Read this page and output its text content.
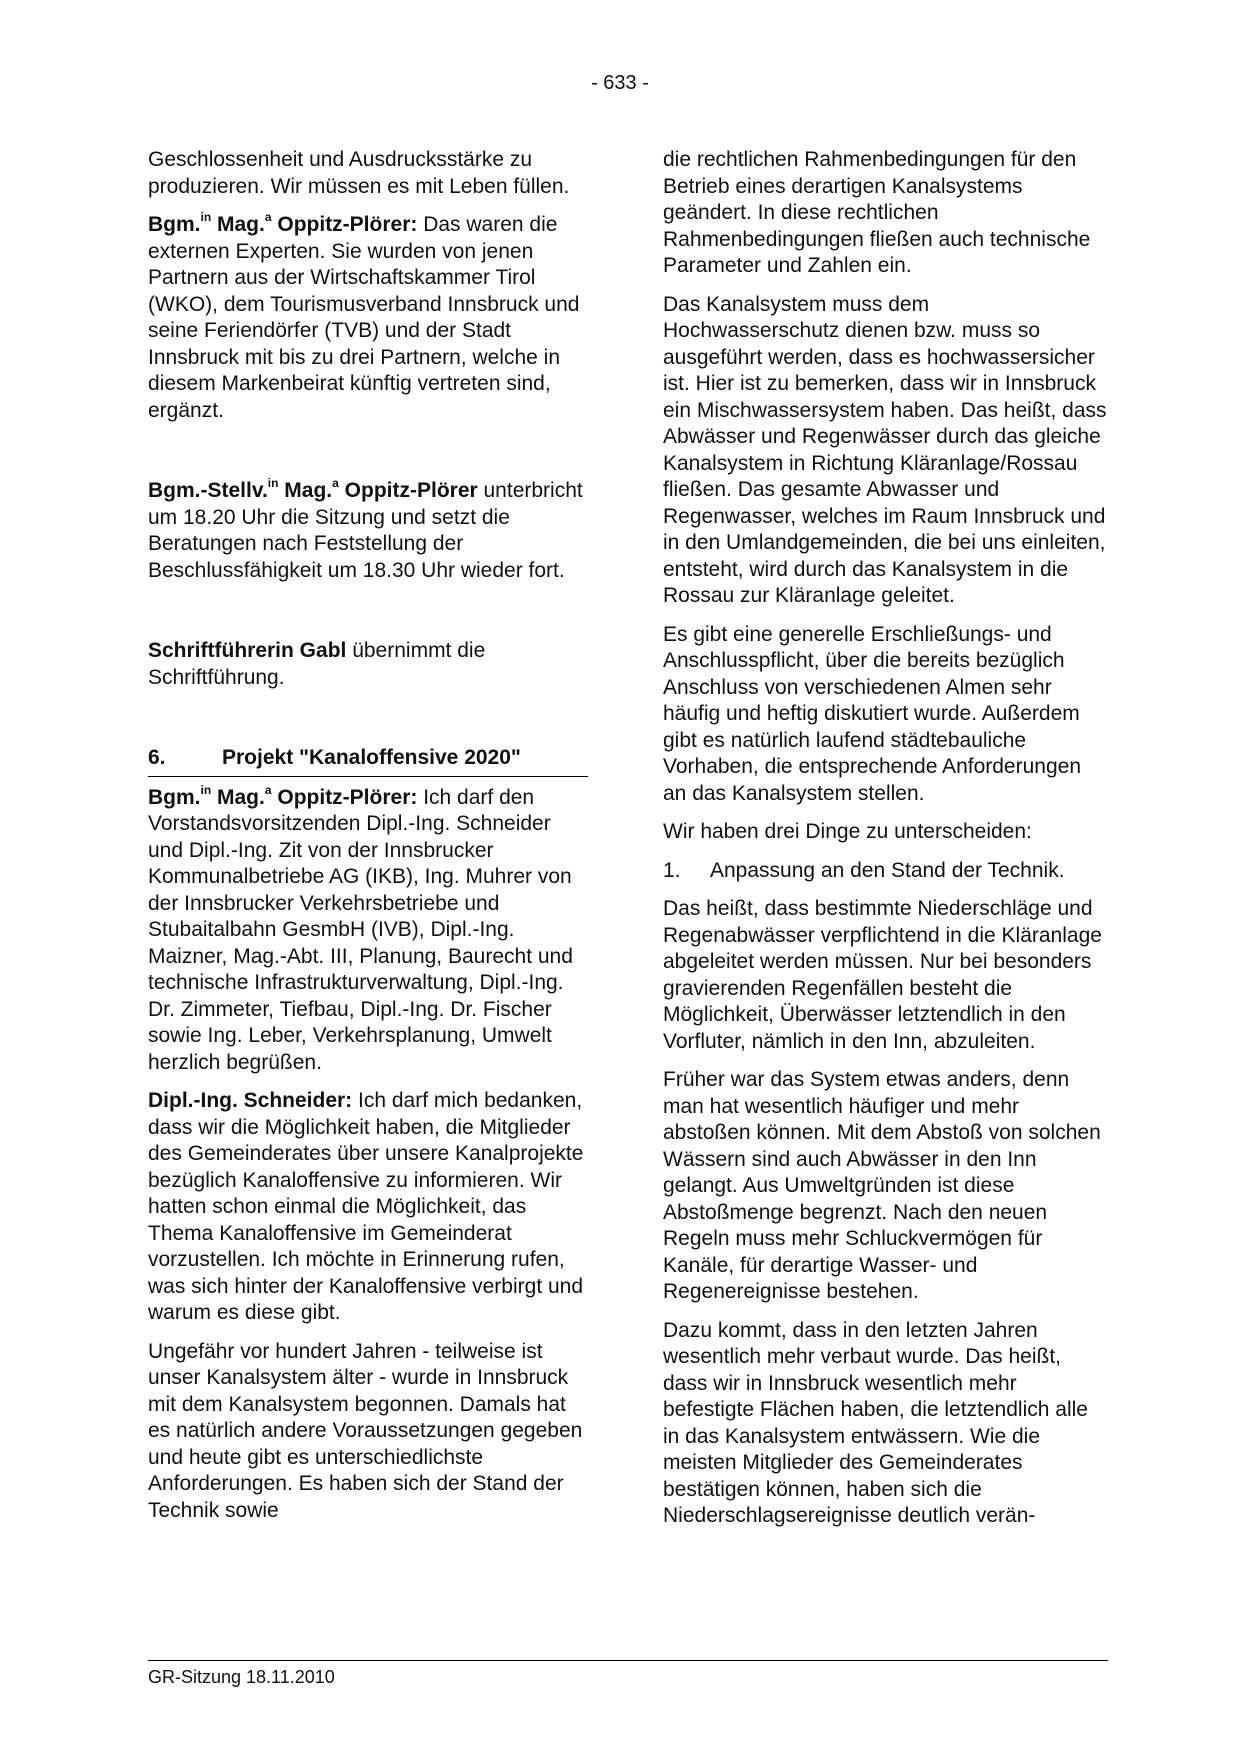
- 633 -

Geschlossenheit und Ausdrucksstärke zu produzieren. Wir müssen es mit Leben füllen.

Bgm.$^{in}$ Mag.$^a$ Oppitz-Plörer: Das waren die externen Experten. Sie wurden von jenen Partnern aus der Wirtschaftskammer Tirol (WKO), dem Tourismusverband Innsbruck und seine Feriendörfer (TVB) und der Stadt Innsbruck mit bis zu drei Partnern, welche in diesem Markenbeirat künftig vertreten sind, ergänzt.

Bgm.-Stellv.$^{in}$ Mag.$^a$ Oppitz-Plörer unterbricht um 18.20 Uhr die Sitzung und setzt die Beratungen nach Feststellung der Beschlussfähigkeit um 18.30 Uhr wieder fort.

Schriftführerin Gabl übernimmt die Schriftführung.

6.	Projekt "Kanaloffensive 2020"

Bgm.$^{in}$ Mag.$^a$ Oppitz-Plörer: Ich darf den Vorstandsvorsitzenden Dipl.-Ing. Schneider und Dipl.-Ing. Zit von der Innsbrucker Kommunalbetriebe AG (IKB), Ing. Muhrer von der Innsbrucker Verkehrsbetriebe und Stubaitalbahn GesmbH (IVB), Dipl.-Ing. Maizner, Mag.-Abt. III, Planung, Baurecht und technische Infrastrukturverwaltung, Dipl.-Ing. Dr. Zimmeter, Tiefbau, Dipl.-Ing. Dr. Fischer sowie Ing. Leber, Verkehrsplanung, Umwelt herzlich begrüßen.

Dipl.-Ing. Schneider: Ich darf mich bedanken, dass wir die Möglichkeit haben, die Mitglieder des Gemeinderates über unsere Kanalprojekte bezüglich Kanaloffensive zu informieren. Wir hatten schon einmal die Möglichkeit, das Thema Kanaloffensive im Gemeinderat vorzustellen. Ich möchte in Erinnerung rufen, was sich hinter der Kanaloffensive verbirgt und warum es diese gibt.

Ungefähr vor hundert Jahren - teilweise ist unser Kanalsystem älter - wurde in Innsbruck mit dem Kanalsystem begonnen. Damals hat es natürlich andere Voraussetzungen gegeben und heute gibt es unterschiedlichste Anforderungen. Es haben sich der Stand der Technik sowie

die rechtlichen Rahmenbedingungen für den Betrieb eines derartigen Kanalsystems geändert. In diese rechtlichen Rahmenbedingungen fließen auch technische Parameter und Zahlen ein.

Das Kanalsystem muss dem Hochwasserschutz dienen bzw. muss so ausgeführt werden, dass es hochwassersicher ist. Hier ist zu bemerken, dass wir in Innsbruck ein Mischwassersystem haben. Das heißt, dass Abwässer und Regenwässer durch das gleiche Kanalsystem in Richtung Kläranlage/Rossau fließen. Das gesamte Abwasser und Regenwasser, welches im Raum Innsbruck und in den Umlandgemeinden, die bei uns einleiten, entsteht, wird durch das Kanalsystem in die Rossau zur Kläranlage geleitet.

Es gibt eine generelle Erschließungs- und Anschlusspflicht, über die bereits bezüglich Anschluss von verschiedenen Almen sehr häufig und heftig diskutiert wurde. Außerdem gibt es natürlich laufend städtebauliche Vorhaben, die entsprechende Anforderungen an das Kanalsystem stellen.

Wir haben drei Dinge zu unterscheiden:

1.	Anpassung an den Stand der Technik.

Das heißt, dass bestimmte Niederschläge und Regenabwässer verpflichtend in die Kläranlage abgeleitet werden müssen. Nur bei besonders gravierenden Regenfällen besteht die Möglichkeit, Überwässer letztendlich in den Vorfluter, nämlich in den Inn, abzuleiten.

Früher war das System etwas anders, denn man hat wesentlich häufiger und mehr abstoßen können. Mit dem Abstoß von solchen Wässern sind auch Abwässer in den Inn gelangt. Aus Umweltgründen ist diese Abstoßmenge begrenzt. Nach den neuen Regeln muss mehr Schluckvermögen für Kanäle, für derartige Wasser- und Regenereignisse bestehen.

Dazu kommt, dass in den letzten Jahren wesentlich mehr verbaut wurde. Das heißt, dass wir in Innsbruck wesentlich mehr befestigte Flächen haben, die letztendlich alle in das Kanalsystem entwässern. Wie die meisten Mitglieder des Gemeinderates bestätigen können, haben sich die Niederschlagsereignisse deutlich verän-

GR-Sitzung 18.11.2010
